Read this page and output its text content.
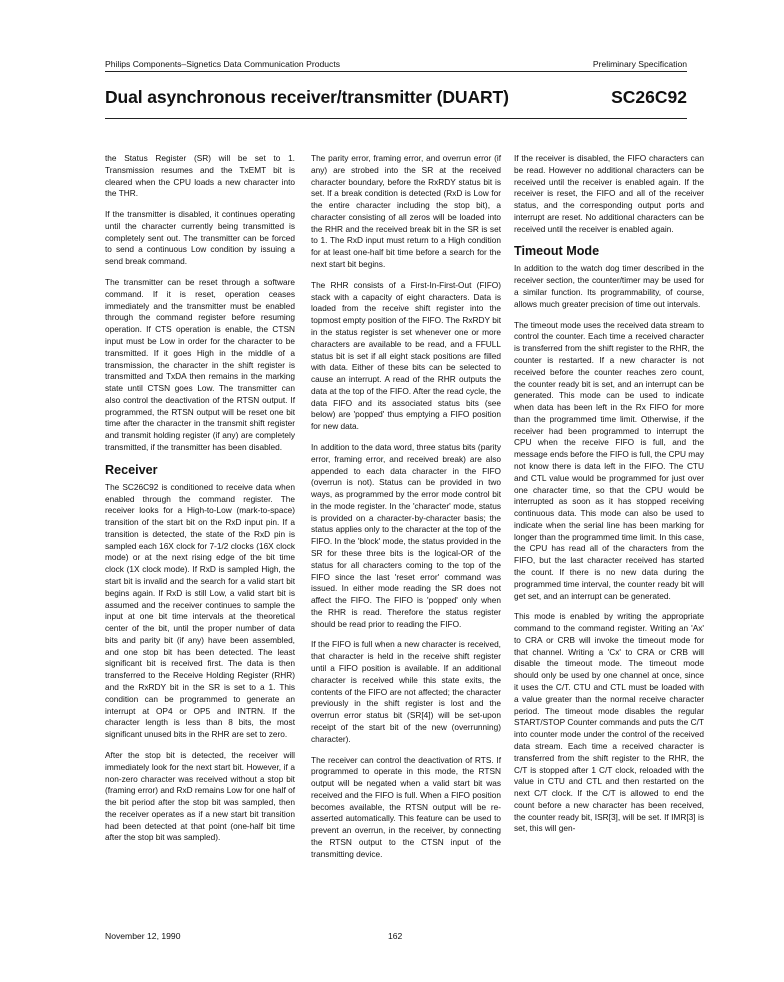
Philips Components–Signetics Data Communication Products	Preliminary Specification
Dual asynchronous receiver/transmitter (DUART)	SC26C92

the Status Register (SR) will be set to 1. Transmission resumes and the TxEMT bit is cleared when the CPU loads a new character into the THR.

If the transmitter is disabled, it continues operating until the character currently being transmitted is completely sent out. The transmitter can be forced to send a continuous Low condition by issuing a send break command.

The transmitter can be reset through a software command. If it is reset, operation ceases immediately and the transmitter must be enabled through the command register before resuming operation. If CTS operation is enable, the CTSN input must be Low in order for the character to be transmitted. If it goes High in the middle of a transmission, the character in the shift register is transmitted and TxDA then remains in the marking state until CTSN goes Low. The transmitter can also control the deactivation of the RTSN output. If programmed, the RTSN output will be reset one bit time after the character in the transmit shift register and transmit holding register (if any) are completely transmitted, if the transmitter has been disabled.

Receiver

The SC26C92 is conditioned to receive data when enabled through the command register. The receiver looks for a High-to-Low (mark-to-space) transition of the start bit on the RxD input pin. If a transition is detected, the state of the RxD pin is sampled each 16X clock for 7-1/2 clocks (16X clock mode) or at the next rising edge of the bit time clock (1X clock mode). If RxD is sampled High, the start bit is invalid and the search for a valid start bit begins again. If RxD is still Low, a valid start bit is assumed and the receiver continues to sample the input at one bit time intervals at the theoretical center of the bit, until the proper number of data bits and parity bit (if any) have been assembled, and one stop bit has been detected. The least significant bit is received first. The data is then transferred to the Receive Holding Register (RHR) and the RxRDY bit in the SR is set to a 1. This condition can be programmed to generate an interrupt at OP4 or OP5 and INTRN. If the character length is less than 8 bits, the most significant unused bits in the RHR are set to zero.

After the stop bit is detected, the receiver will immediately look for the next start bit. However, if a non-zero character was received without a stop bit (framing error) and RxD remains Low for one half of the bit period after the stop bit was sampled, then the receiver operates as if a new start bit transition had been detected at that point (one-half bit time after the stop bit was sampled).

The parity error, framing error, and overrun error (if any) are strobed into the SR at the received character boundary, before the RxRDY status bit is set. If a break condition is detected (RxD is Low for the entire character including the stop bit), a character consisting of all zeros will be loaded into the RHR and the received break bit in the SR is set to 1. The RxD input must return to a High condition for at least one-half bit time before a search for the next start bit begins.

The RHR consists of a First-In-First-Out (FIFO) stack with a capacity of eight characters. Data is loaded from the receive shift register into the topmost empty position of the FIFO. The RxRDY bit in the status register is set whenever one or more characters are available to be read, and a FFULL status bit is set if all eight stack positions are filled with data. Either of these bits can be selected to cause an interrupt. A read of the RHR outputs the data at the top of the FIFO. After the read cycle, the data FIFO and its associated status bits (see below) are 'popped' thus emptying a FIFO position for new data.

In addition to the data word, three status bits (parity error, framing error, and received break) are also appended to each data character in the FIFO (overrun is not). Status can be provided in two ways, as programmed by the error mode control bit in the mode register. In the 'character' mode, status is provided on a character-by-character basis; the status applies only to the character at the top of the FIFO. In the 'block' mode, the status provided in the SR for these three bits is the logical-OR of the status for all characters coming to the top of the FIFO since the last 'reset error' command was issued. In either mode reading the SR does not affect the FIFO. The FIFO is 'popped' only when the RHR is read. Therefore the status register should be read prior to reading the FIFO.

If the FIFO is full when a new character is received, that character is held in the receive shift register until a FIFO position is available. If an additional character is received while this state exits, the contents of the FIFO are not affected; the character previously in the shift register is lost and the overrun error status bit (SR[4]) will be set-upon receipt of the start bit of the new (overrunning) character).

The receiver can control the deactivation of RTS. If programmed to operate in this mode, the RTSN output will be negated when a valid start bit was received and the FIFO is full. When a FIFO position becomes available, the RTSN output will be re-asserted automatically. This feature can be used to prevent an overrun, in the receiver, by connecting the RTSN output to the CTSN input of the transmitting device.

If the receiver is disabled, the FIFO characters can be read. However no additional characters can be received until the receiver is enabled again. If the receiver is reset, the FIFO and all of the receiver status, and the corresponding output ports and interrupt are reset. No additional characters can be received until the receiver is enabled again.

Timeout Mode

In addition to the watch dog timer described in the receiver section, the counter/timer may be used for a similar function. Its programmability, of course, allows much greater precision of time out intervals.

The timeout mode uses the received data stream to control the counter. Each time a received character is transferred from the shift register to the RHR, the counter is restarted. If a new character is not received before the counter reaches zero count, the counter ready bit is set, and an interrupt can be generated. This mode can be used to indicate when data has been left in the Rx FIFO for more than the programmed time limit. Otherwise, if the receiver had been programmed to interrupt the CPU when the receive FIFO is full, and the message ends before the FIFO is full, the CPU may not know there is data left in the FIFO. The CTU and CTL value would be programmed for just over one character time, so that the CPU would be interrupted as soon as it has stopped receiving continuous data. This mode can also be used to indicate when the serial line has been marking for longer than the programmed time limit. In this case, the CPU has read all of the characters from the FIFO, but the last character received has started the count. If there is no new data during the programmed time interval, the counter ready bit will get set, and an interrupt can be generated.

This mode is enabled by writing the appropriate command to the command register. Writing an 'Ax' to CRA or CRB will invoke the timeout mode for that channel. Writing a 'Cx' to CRA or CRB will disable the timeout mode. The timeout mode should only be used by one channel at once, since it uses the C/T. CTU and CTL must be loaded with a value greater than the normal receive character period. The timeout mode disables the regular START/STOP Counter commands and puts the C/T into counter mode under the control of the received data stream. Each time a received character is transferred from the shift register to the RHR, the C/T is stopped after 1 C/T clock, reloaded with the value in CTU and CTL and then restarted on the next C/T clock. If the C/T is allowed to end the count before a new character has been received, the counter ready bit, ISR[3], will be set. If IMR[3] is set, this will gen-

November 12, 1990	162
